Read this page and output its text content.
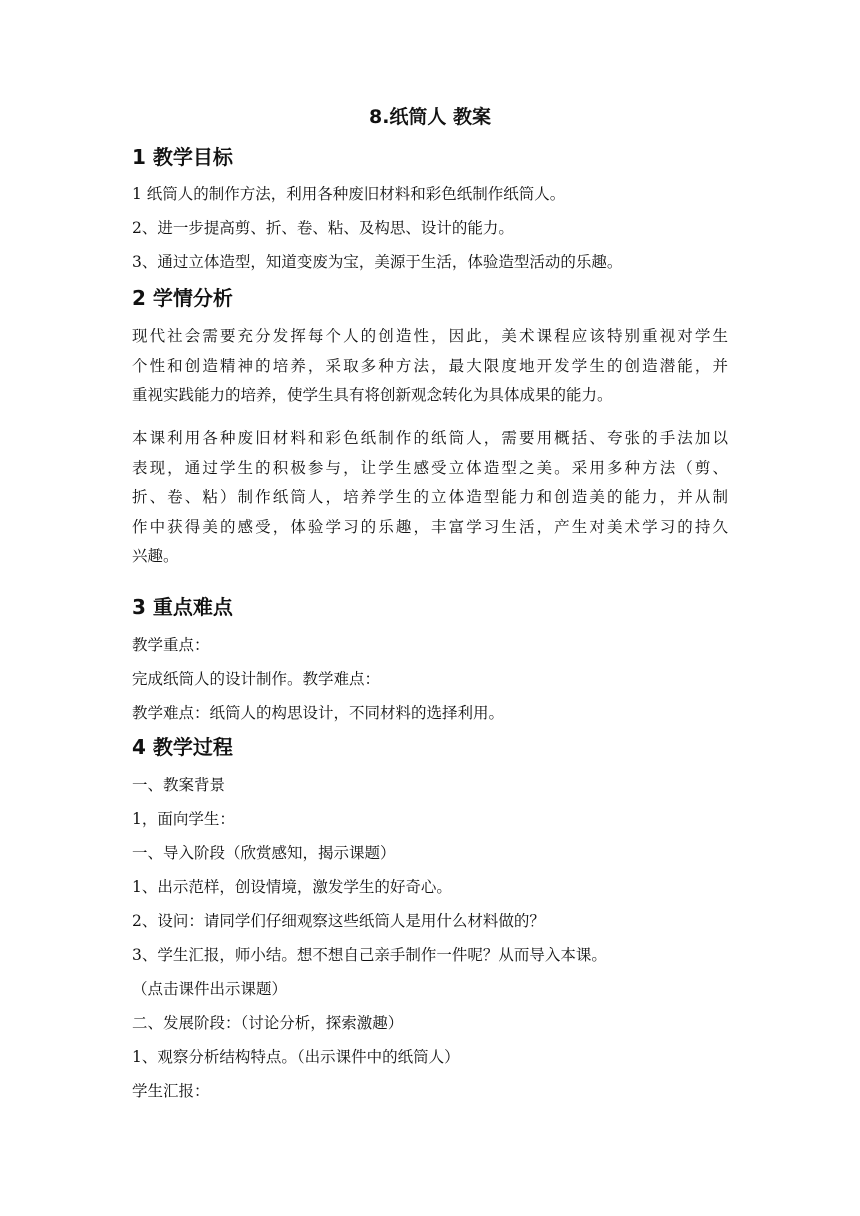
8.纸筒人 教案
1 教学目标
1 纸筒人的制作方法，利用各种废旧材料和彩色纸制作纸筒人。
2、进一步提高剪、折、卷、粘、及构思、设计的能力。
3、通过立体造型，知道变废为宝，美源于生活，体验造型活动的乐趣。
2 学情分析
现代社会需要充分发挥每个人的创造性，因此，美术课程应该特别重视对学生
个性和创造精神的培养，采取多种方法，最大限度地开发学生的创造潜能，并
重视实践能力的培养，使学生具有将创新观念转化为具体成果的能力。
本课利用各种废旧材料和彩色纸制作的纸筒人，需要用概括、夸张的手法加以
表现，通过学生的积极参与，让学生感受立体造型之美。采用多种方法（剪、
折、卷、粘）制作纸筒人，培养学生的立体造型能力和创造美的能力，并从制
作中获得美的感受，体验学习的乐趣，丰富学习生活，产生对美术学习的持久
兴趣。
3 重点难点
教学重点：
完成纸筒人的设计制作。教学难点：
教学难点：纸筒人的构思设计，不同材料的选择利用。
4 教学过程
一、教案背景
1，面向学生：
一、导入阶段（欣赏感知，揭示课题）
1、出示范样，创设情境，激发学生的好奇心。
2、设问：请同学们仔细观察这些纸筒人是用什么材料做的？
3、学生汇报，师小结。想不想自己亲手制作一件呢？从而导入本课。
（点击课件出示课题）
二、发展阶段：（讨论分析，探索激趣）
1、观察分析结构特点。（出示课件中的纸筒人）
学生汇报：
